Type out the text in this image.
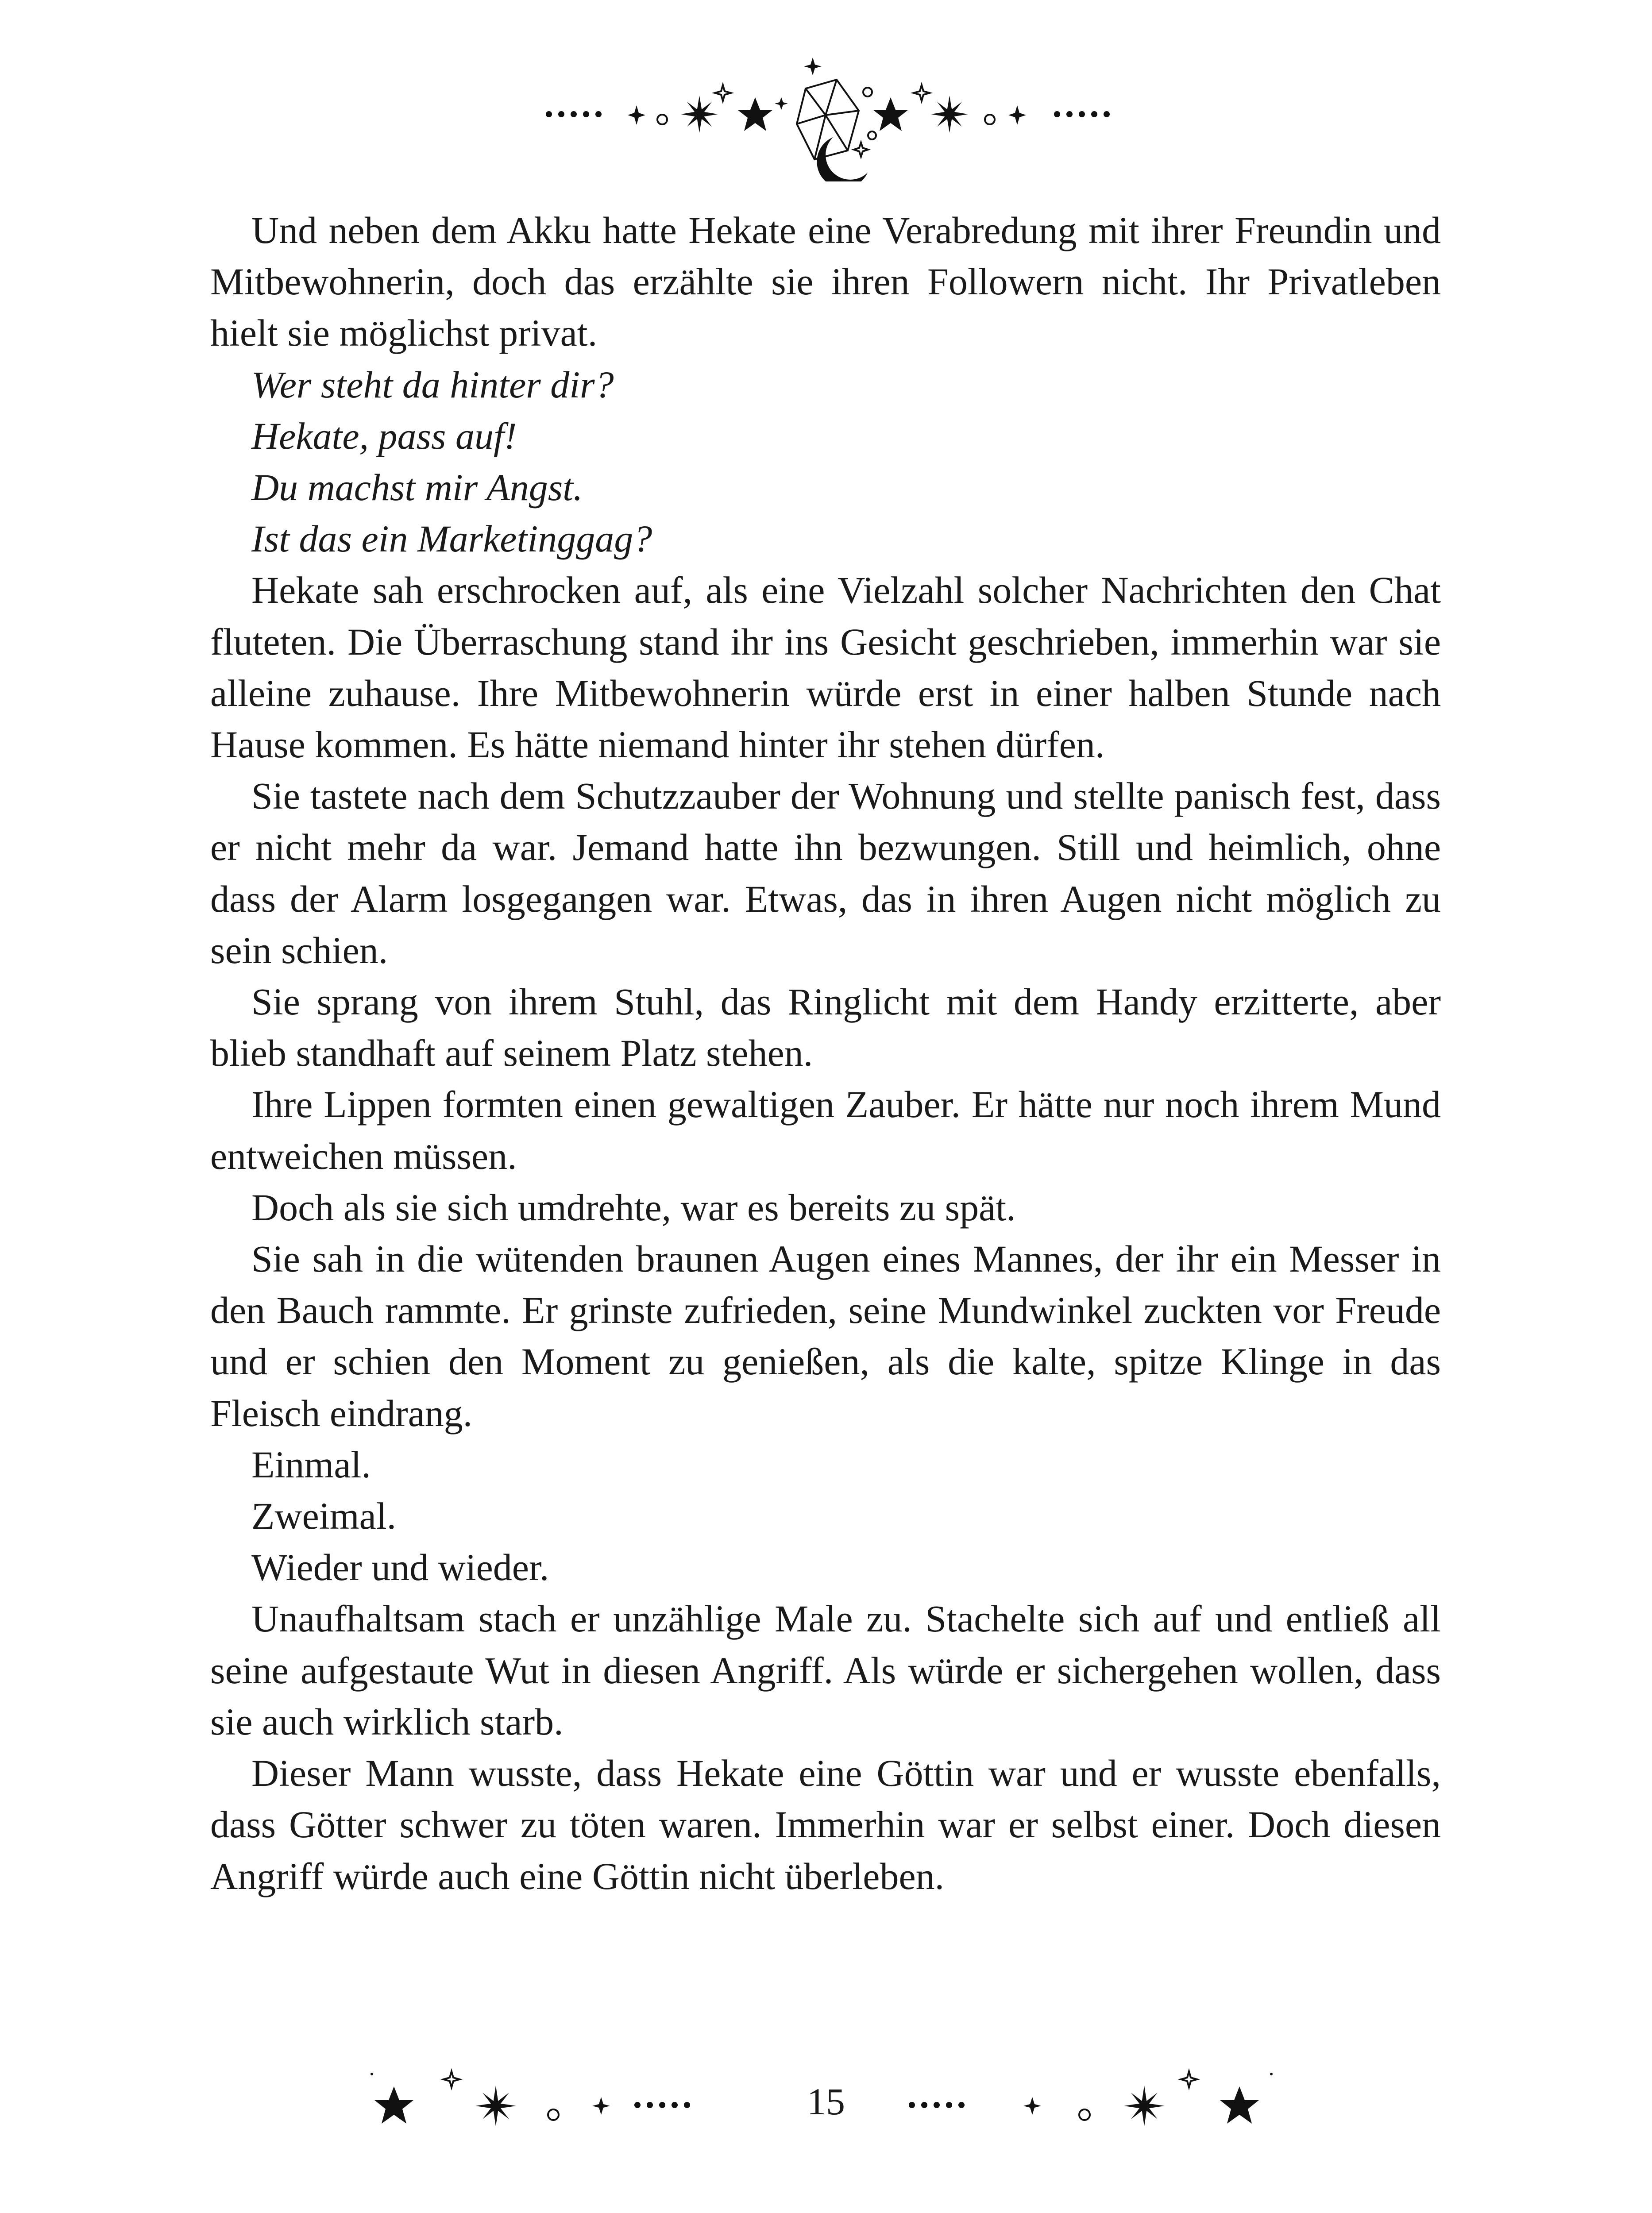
Und neben dem Akku hatte Hekate eine Verabredung mit ihrer Freundin und Mitbewohnerin, doch das erzählte sie ihren Followern nicht. Ihr Privatleben hielt sie möglichst privat.

Wer steht da hinter dir?

Hekate, pass auf!

Du machst mir Angst.

Ist das ein Marketinggag?

Hekate sah erschrocken auf, als eine Vielzahl solcher Nachrichten den Chat fluteten. Die Überraschung stand ihr ins Gesicht geschrieben, immerhin war sie alleine zuhause. Ihre Mitbewohnerin würde erst in einer halben Stunde nach Hause kommen. Es hätte niemand hinter ihr stehen dürfen.

Sie tastete nach dem Schutzzauber der Wohnung und stellte panisch fest, dass er nicht mehr da war. Jemand hatte ihn bezwungen. Still und heimlich, ohne dass der Alarm losgegangen war. Etwas, das in ihren Augen nicht möglich zu sein schien.

Sie sprang von ihrem Stuhl, das Ringlicht mit dem Handy erzitterte, aber blieb standhaft auf seinem Platz stehen.

Ihre Lippen formten einen gewaltigen Zauber. Er hätte nur noch ihrem Mund entweichen müssen.

Doch als sie sich umdrehte, war es bereits zu spät.

Sie sah in die wütenden braunen Augen eines Mannes, der ihr ein Messer in den Bauch rammte. Er grinste zufrieden, seine Mundwinkel zuckten vor Freude und er schien den Moment zu genießen, als die kalte, spitze Klinge in das Fleisch eindrang.

Einmal.

Zweimal.

Wieder und wieder.

Unaufhaltsam stach er unzählige Male zu. Stachelte sich auf und entließ all seine aufgestaute Wut in diesen Angriff. Als würde er sichergehen wollen, dass sie auch wirklich starb.

Dieser Mann wusste, dass Hekate eine Göttin war und er wusste ebenfalls, dass Götter schwer zu töten waren. Immerhin war er selbst einer. Doch diesen Angriff würde auch eine Göttin nicht überleben.

15
